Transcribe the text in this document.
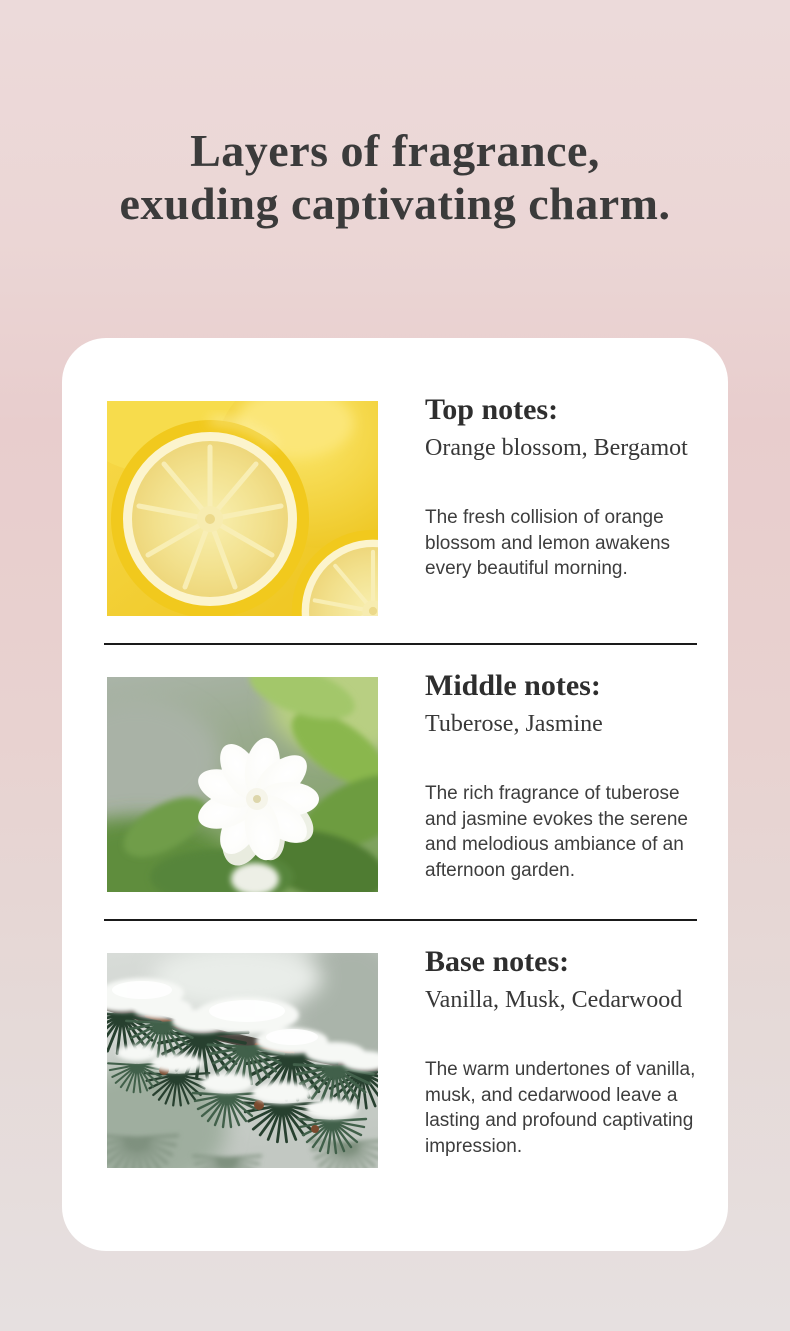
Layers of fragrance,
exuding captivating charm.
Top notes:
Orange blossom, Bergamot

The fresh collision of orange blossom and lemon awakens every beautiful morning.

Middle notes:
Tuberose, Jasmine

The rich fragrance of tuberose and jasmine evokes the serene and melodious ambiance of an afternoon garden.

Base notes:
Vanilla, Musk, Cedarwood

The warm undertones of vanilla, musk, and cedarwood leave a lasting and profound captivating impression.
